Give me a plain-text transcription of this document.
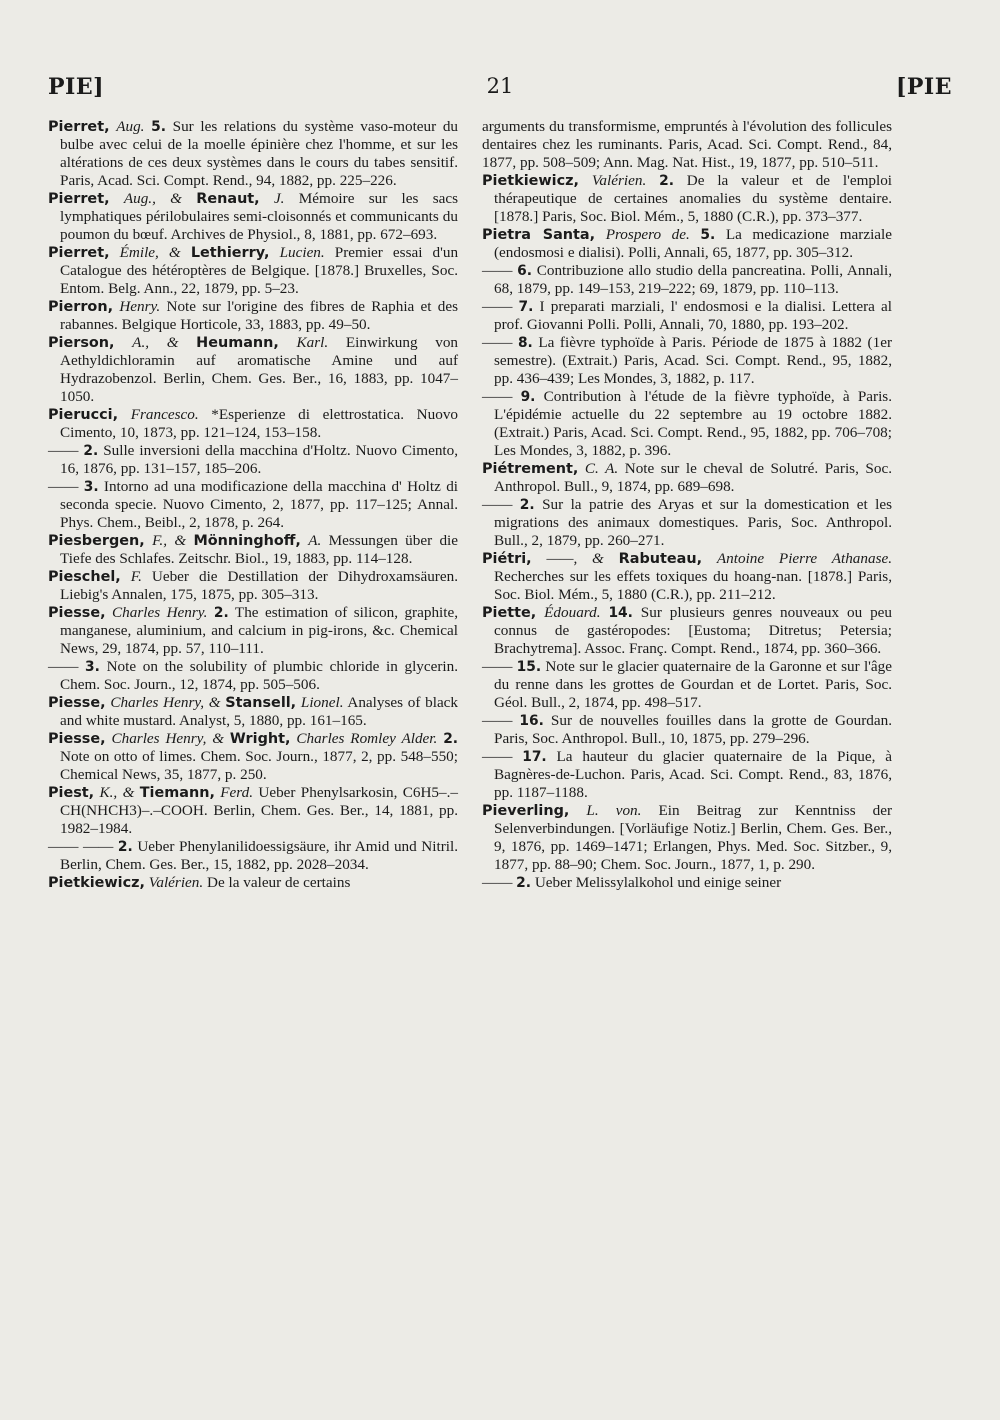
PIE]	21	[PIE

Pierret, Aug. 5. Sur les relations du système vaso-moteur du bulbe avec celui de la moelle épinière chez l'homme, et sur les altérations de ces deux systèmes dans le cours du tabes sensitif. Paris, Acad. Sci. Compt. Rend., 94, 1882, pp. 225–226.

Pierret, Aug., & Renaut, J. Mémoire sur les sacs lymphatiques périlobulaires semi-cloisonnés et communicants du poumon du bœuf. Archives de Physiol., 8, 1881, pp. 672–693.

Pierret, Émile, & Lethierry, Lucien. Premier essai d'un Catalogue des hétéroptères de Belgique. [1878.] Bruxelles, Soc. Entom. Belg. Ann., 22, 1879, pp. 5–23.

Pierron, Henry. Note sur l'origine des fibres de Raphia et des rabannes. Belgique Horticole, 33, 1883, pp. 49–50.

Pierson, A., & Heumann, Karl. Einwirkung von Aethyldichloramin auf aromatische Amine und auf Hydrazobenzol. Berlin, Chem. Ges. Ber., 16, 1883, pp. 1047–1050.

Pierucci, Francesco. *Esperienze di elettrostatica. Nuovo Cimento, 10, 1873, pp. 121–124, 153–158.

—— 2. Sulle inversioni della macchina d'Holtz. Nuovo Cimento, 16, 1876, pp. 131–157, 185–206.

—— 3. Intorno ad una modificazione della macchina d' Holtz di seconda specie. Nuovo Cimento, 2, 1877, pp. 117–125; Annal. Phys. Chem., Beibl., 2, 1878, p. 264.

Piesbergen, F., & Mönninghoff, A. Messungen über die Tiefe des Schlafes. Zeitschr. Biol., 19, 1883, pp. 114–128.

Pieschel, F. Ueber die Destillation der Dihydroxamsäuren. Liebig's Annalen, 175, 1875, pp. 305–313.

Piesse, Charles Henry. 2. The estimation of silicon, graphite, manganese, aluminium, and calcium in pig-irons, &c. Chemical News, 29, 1874, pp. 57, 110–111.

—— 3. Note on the solubility of plumbic chloride in glycerin. Chem. Soc. Journ., 12, 1874, pp. 505–506.

Piesse, Charles Henry, & Stansell, Lionel. Analyses of black and white mustard. Analyst, 5, 1880, pp. 161–165.

Piesse, Charles Henry, & Wright, Charles Romley Alder. 2. Note on otto of limes. Chem. Soc. Journ., 1877, 2, pp. 548–550; Chemical News, 35, 1877, p. 250.

Piest, K., & Tiemann, Ferd. Ueber Phenylsarkosin, C6H5–.–CH(NHCH3)–.–COOH. Berlin, Chem. Ges. Ber., 14, 1881, pp. 1982–1984.

—— —— 2. Ueber Phenylanilidoessigsäure, ihr Amid und Nitril. Berlin, Chem. Ges. Ber., 15, 1882, pp. 2028–2034.

Pietkiewicz, Valérien. De la valeur de certains

arguments du transformisme, empruntés à l'évolution des follicules dentaires chez les ruminants. Paris, Acad. Sci. Compt. Rend., 84, 1877, pp. 508–509; Ann. Mag. Nat. Hist., 19, 1877, pp. 510–511.

Pietkiewicz, Valérien. 2. De la valeur et de l'emploi thérapeutique de certaines anomalies du système dentaire. [1878.] Paris, Soc. Biol. Mém., 5, 1880 (C.R.), pp. 373–377.

Pietra Santa, Prospero de. 5. La medicazione marziale (endosmosi e dialisi). Polli, Annali, 65, 1877, pp. 305–312.

—— 6. Contribuzione allo studio della pancreatina. Polli, Annali, 68, 1879, pp. 149–153, 219–222; 69, 1879, pp. 110–113.

—— 7. I preparati marziali, l' endosmosi e la dialisi. Lettera al prof. Giovanni Polli. Polli, Annali, 70, 1880, pp. 193–202.

—— 8. La fièvre typhoïde à Paris. Période de 1875 à 1882 (1er semestre). (Extrait.) Paris, Acad. Sci. Compt. Rend., 95, 1882, pp. 436–439; Les Mondes, 3, 1882, p. 117.

—— 9. Contribution à l'étude de la fièvre typhoïde, à Paris. L'épidémie actuelle du 22 septembre au 19 octobre 1882. (Extrait.) Paris, Acad. Sci. Compt. Rend., 95, 1882, pp. 706–708; Les Mondes, 3, 1882, p. 396.

Piétrement, C. A. Note sur le cheval de Solutré. Paris, Soc. Anthropol. Bull., 9, 1874, pp. 689–698.

—— 2. Sur la patrie des Aryas et sur la domestication et les migrations des animaux domestiques. Paris, Soc. Anthropol. Bull., 2, 1879, pp. 260–271.

Piétri, ——, & Rabuteau, Antoine Pierre Athanase. Recherches sur les effets toxiques du hoang-nan. [1878.] Paris, Soc. Biol. Mém., 5, 1880 (C.R.), pp. 211–212.

Piette, Édouard. 14. Sur plusieurs genres nouveaux ou peu connus de gastéropodes: [Eustoma; Ditretus; Petersia; Brachytrema]. Assoc. Franç. Compt. Rend., 1874, pp. 360–366.

—— 15. Note sur le glacier quaternaire de la Garonne et sur l'âge du renne dans les grottes de Gourdan et de Lortet. Paris, Soc. Géol. Bull., 2, 1874, pp. 498–517.

—— 16. Sur de nouvelles fouilles dans la grotte de Gourdan. Paris, Soc. Anthropol. Bull., 10, 1875, pp. 279–296.

—— 17. La hauteur du glacier quaternaire de la Pique, à Bagnères-de-Luchon. Paris, Acad. Sci. Compt. Rend., 83, 1876, pp. 1187–1188.

Pieverling, L. von. Ein Beitrag zur Kenntniss der Selenverbindungen. [Vorläufige Notiz.] Berlin, Chem. Ges. Ber., 9, 1876, pp. 1469–1471; Erlangen, Phys. Med. Soc. Sitzber., 9, 1877, pp. 88–90; Chem. Soc. Journ., 1877, 1, p. 290.

—— 2. Ueber Melissylalkohol und einige seiner
